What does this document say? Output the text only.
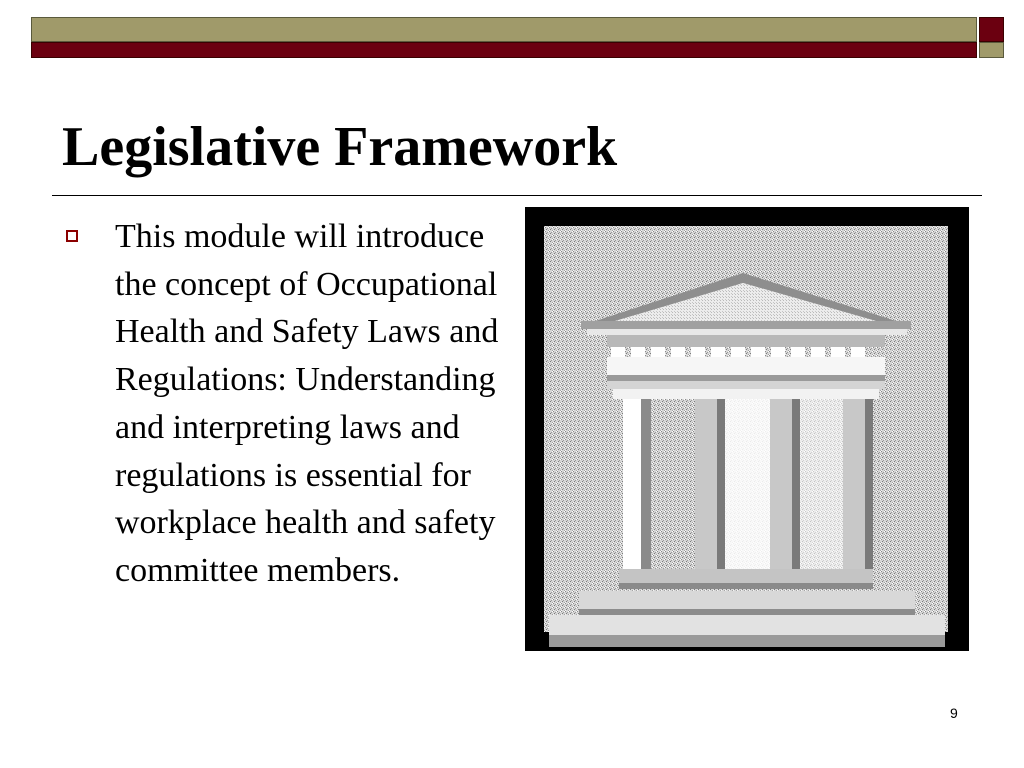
Legislative Framework

This module will introduce the concept of Occupational Health and Safety Laws and Regulations: Understanding and interpreting laws and regulations is essential for workplace health and safety committee members.

9
